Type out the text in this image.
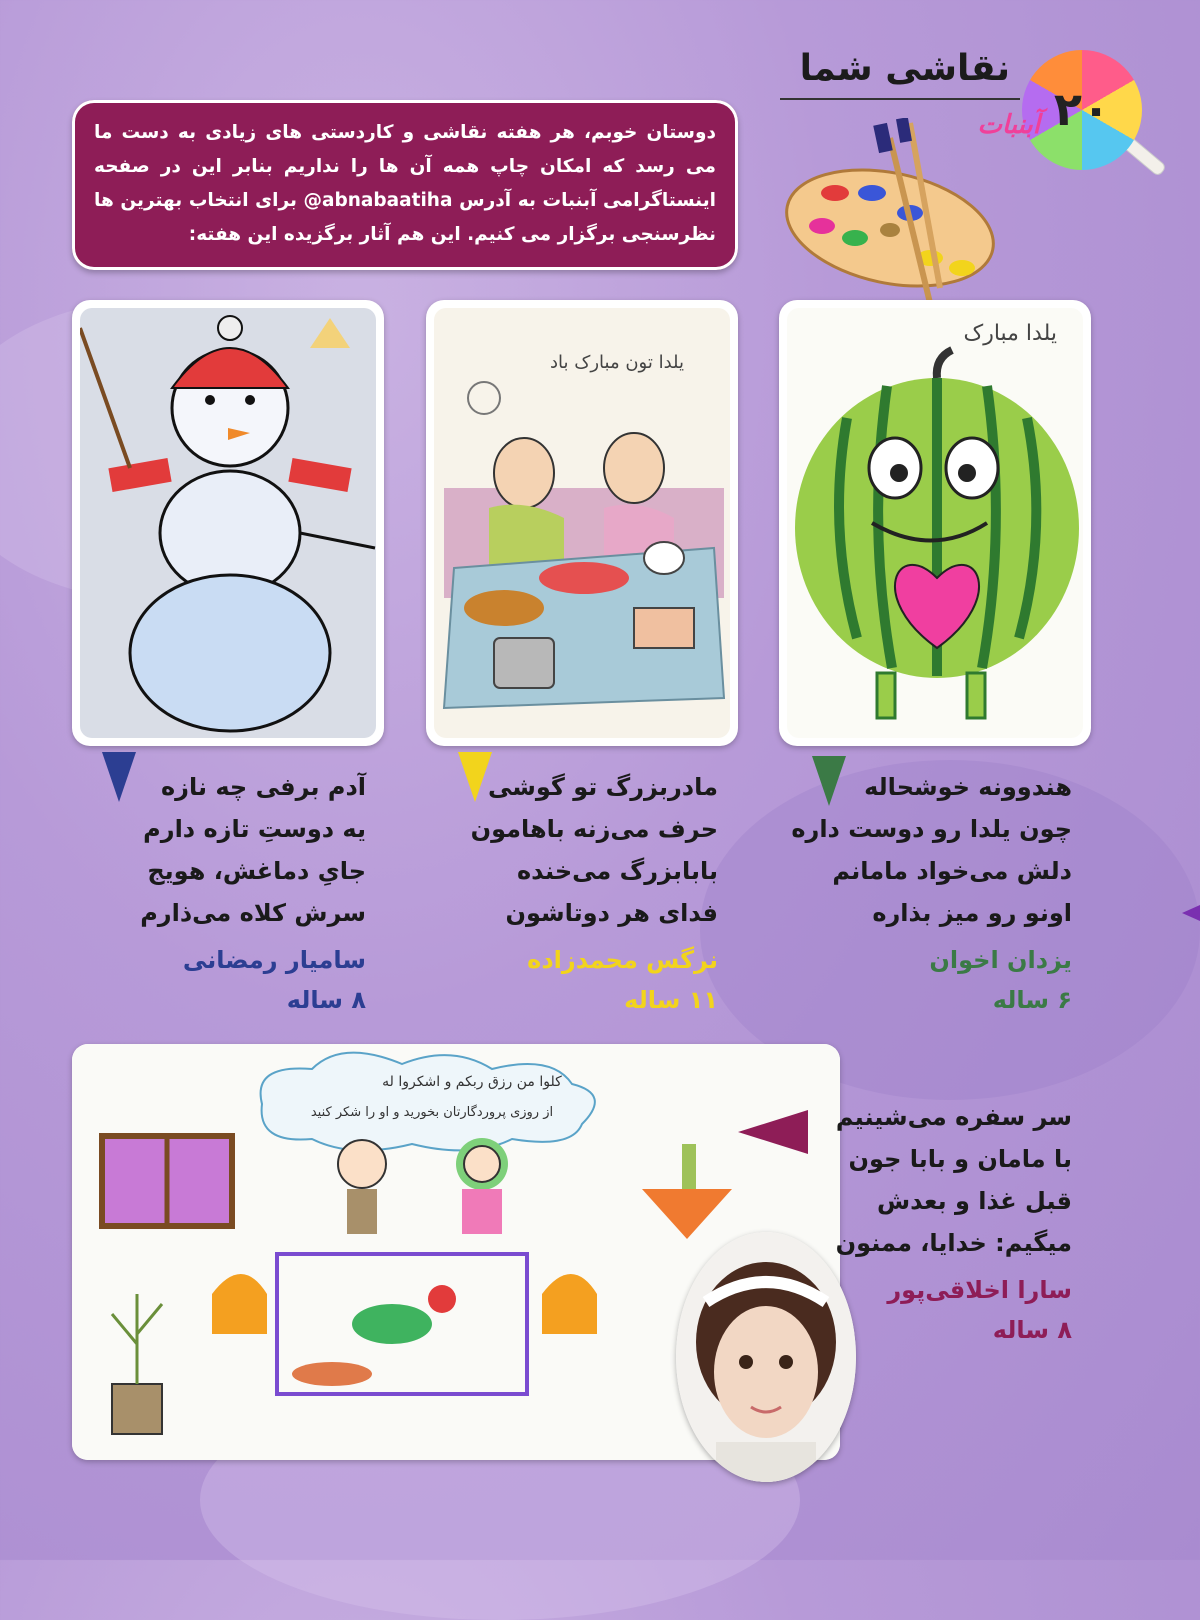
۲۰
نقاشی شما
آبنبات

دوستان خوبم، هر هفته نقاشی و کاردستی های زیادی به دست ما می رسد که امکان چاپ همه آن ها را نداریم بنابر این در صفحه اینستاگرامی آبنبات به آدرس abnabaatiha@ برای انتخاب بهترین ها نظرسنجی برگزار می کنیم. این هم آثار برگزیده این هفته:

یلدا مبارک
یلدا تون مبارک باد
هندوونه خوشحاله
چون یلدا رو دوست داره
دلش می‌خواد مامانم
اونو رو میز بذاره
یزدان اخوان
۶ ساله
مادربزرگ تو گوشی
حرف می‌زنه باهامون
بابابزرگ می‌خنده
فدای هر دوتاشون
نرگس محمدزاده
۱۱ ساله
آدم برفی چه نازه
یه دوستِ تازه دارم
جایِ دماغش، هویج
سرش کلاه می‌ذارم
سامیار رمضانی
۸ ساله
کلوا من رزق ربکم و اشکروا له
از روزی پروردگارتان بخورید و او را شکر کنید	سر سفره می‌شینیم
با مامان و بابا جون
قبل غذا و بعدش
میگیم: خدایا، ممنون
سارا اخلاقی‌پور
۸ ساله
